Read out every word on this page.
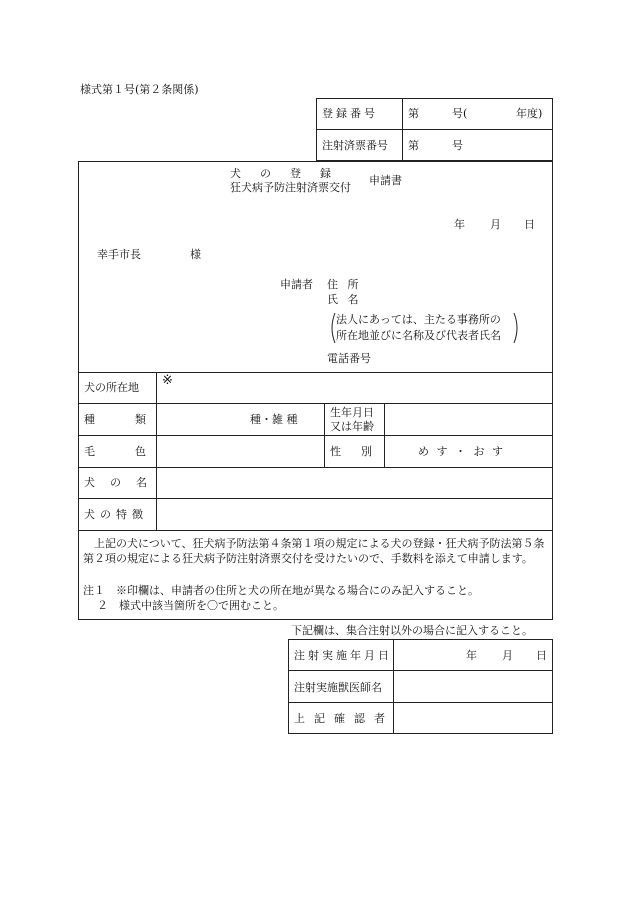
様式第１号(第２条関係)
登録番号	第	号(	年度)
注射済票番号 第	号
犬の登録
狂犬病予防注射済票交付
申請書
年 月 日
幸手市長	様
申請者 住 所
氏 名
法人にあっては、主たる事務所の
所在地並びに名称及び代表者氏名
電話番号
犬の所在地 ※
種類	種・雑 種
生年月日
又は年齢
毛色	性別 め す ・ お す
犬の名
犬の特徴
　上記の犬について、狂犬病予防法第４条第１項の規定による犬の登録・狂犬病予防法第５条第２項の規定による狂犬病予防注射済票交付を受けたいので、手数料を添えて申請します。
注１　※印欄は、申請者の住所と犬の所在地が異なる場合にのみ記入すること。
２　様式中該当箇所を〇で囲むこと。
下記欄は、集合注射以外の場合に記入すること。
注射実施年月日	年 月 日
注射実施獣医師名
上記確認者
